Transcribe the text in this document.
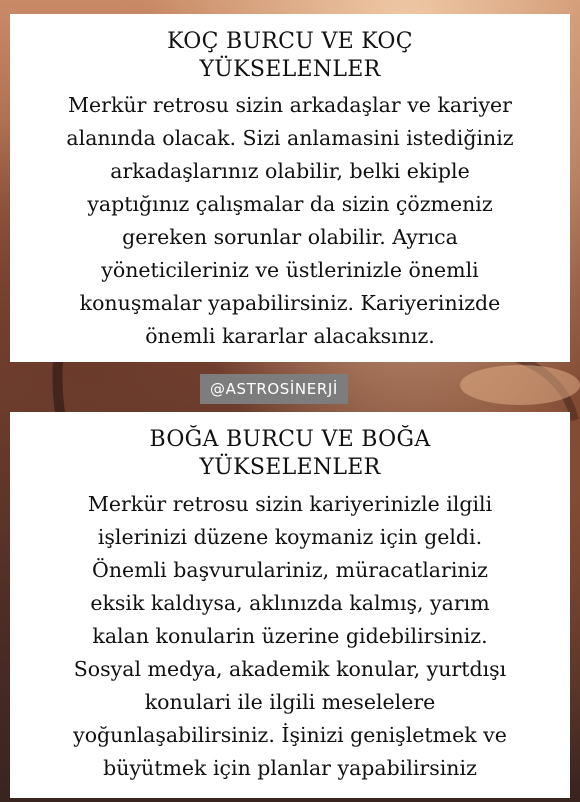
KOÇ BURCU VE KOÇ
YÜKSELENLER

Merkür retrosu sizin arkadaşlar ve kariyer
alanında olacak. Sizi anlamasini istediğiniz
arkadaşlarınız olabilir, belki ekiple
yaptığınız çalışmalar da sizin çözmeniz
gereken sorunlar olabilir. Ayrıca
yöneticileriniz ve üstlerinizle önemli
konuşmalar yapabilirsiniz. Kariyerinizde
önemli kararlar alacaksınız.

@ASTROSİNERJİ
BOĞA BURCU VE BOĞA
YÜKSELENLER

Merkür retrosu sizin kariyerinizle ilgili
işlerinizi düzene koymaniz için geldi.
Önemli başvurulariniz, müracatlariniz
eksik kaldıysa, aklınızda kalmış, yarım
kalan konularin üzerine gidebilirsiniz.
Sosyal medya, akademik konular, yurtdışı
konulari ile ilgili meselelere
yoğunlaşabilirsiniz. İşinizi genişletmek ve
büyütmek için planlar yapabilirsiniz
